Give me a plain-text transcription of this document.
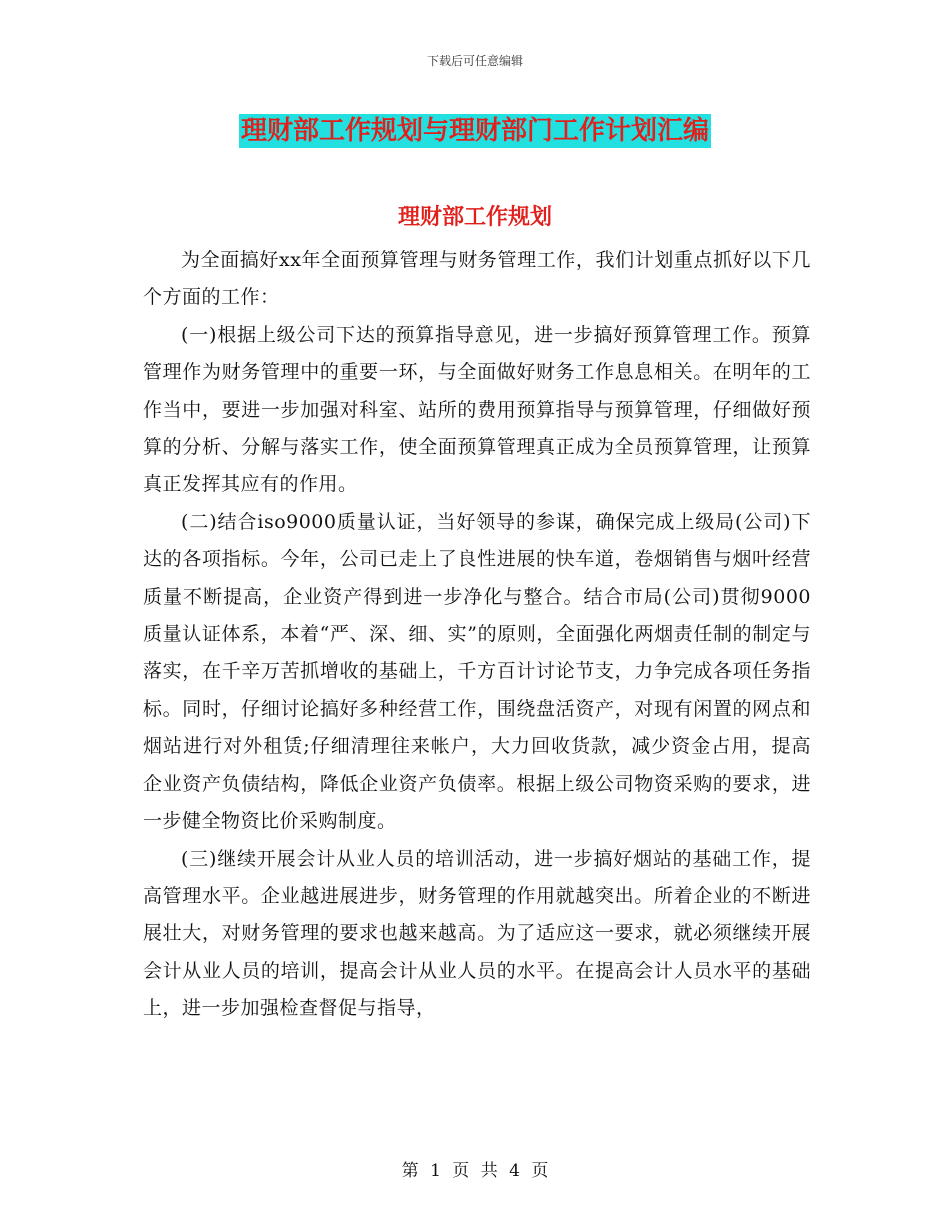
下载后可任意编辑
理财部工作规划与理财部门工作计划汇编
理财部工作规划

为全面搞好xx年全面预算管理与财务管理工作，我们计划重点抓好以下几个方面的工作：

(一)根据上级公司下达的预算指导意见，进一步搞好预算管理工作。预算管理作为财务管理中的重要一环，与全面做好财务工作息息相关。在明年的工作当中，要进一步加强对科室、站所的费用预算指导与预算管理，仔细做好预算的分析、分解与落实工作，使全面预算管理真正成为全员预算管理，让预算真正发挥其应有的作用。

(二)结合iso9000质量认证，当好领导的参谋，确保完成上级局(公司)下达的各项指标。今年，公司已走上了良性进展的快车道，卷烟销售与烟叶经营质量不断提高，企业资产得到进一步净化与整合。结合市局(公司)贯彻9000质量认证体系，本着“严、深、细、实”的原则，全面强化两烟责任制的制定与落实，在千辛万苦抓增收的基础上，千方百计讨论节支，力争完成各项任务指标。同时，仔细讨论搞好多种经营工作，围绕盘活资产，对现有闲置的网点和烟站进行对外租赁;仔细清理往来帐户，大力回收货款，减少资金占用，提高企业资产负债结构，降低企业资产负债率。根据上级公司物资采购的要求，进一步健全物资比价采购制度。

(三)继续开展会计从业人员的培训活动，进一步搞好烟站的基础工作，提高管理水平。企业越进展进步，财务管理的作用就越突出。所着企业的不断进展壮大，对财务管理的要求也越来越高。为了适应这一要求，就必须继续开展会计从业人员的培训，提高会计从业人员的水平。在提高会计人员水平的基础上，进一步加强检查督促与指导，

第 1 页 共 4 页
